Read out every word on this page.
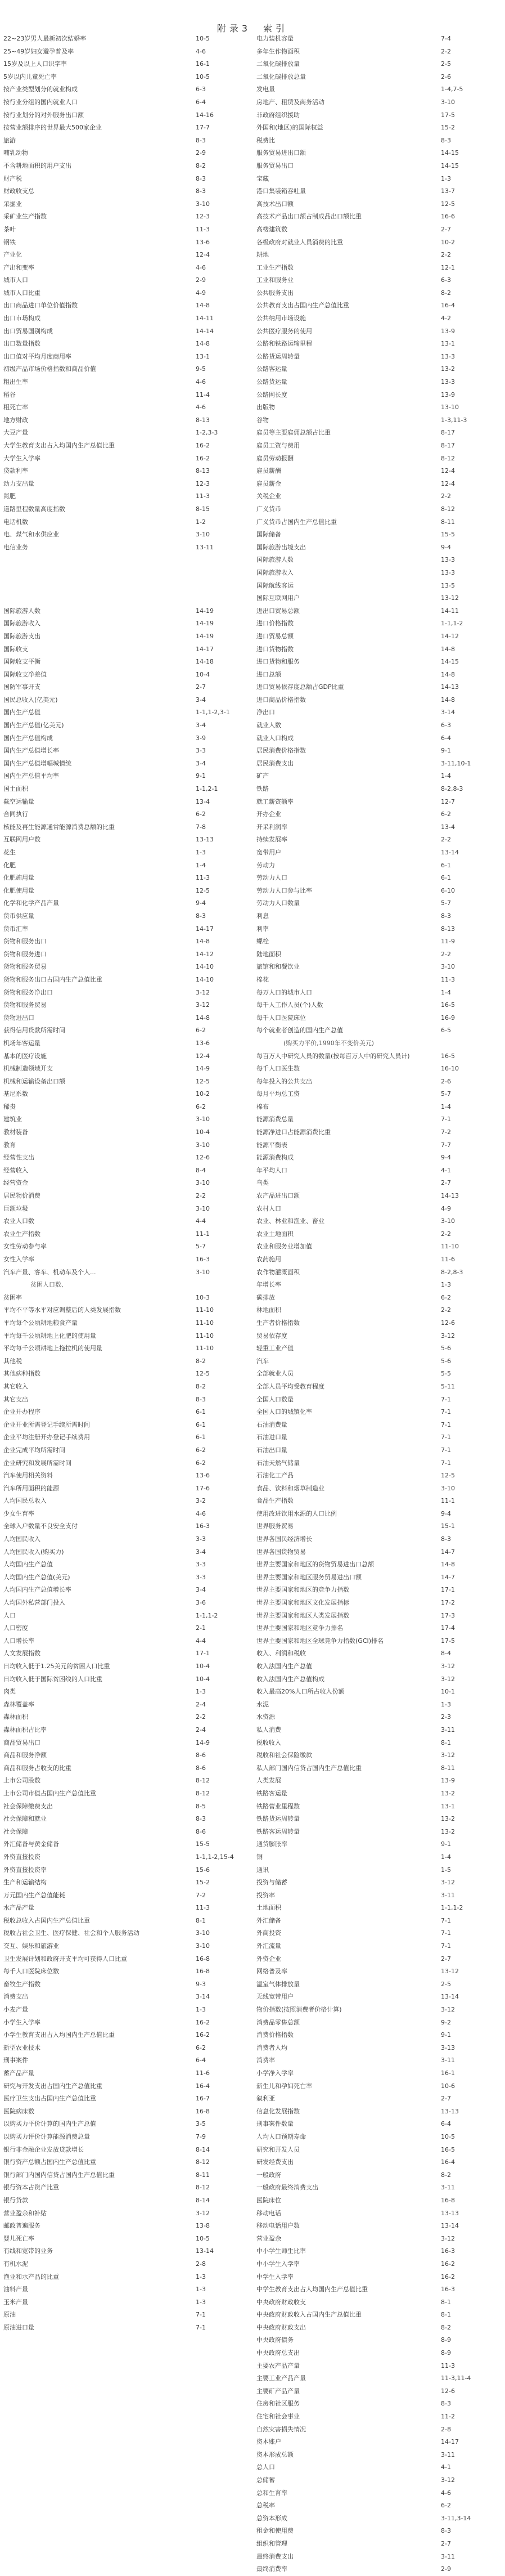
附录3　索引
22~23岁男人最新初次结婚率	10-5
25~49岁妇女避孕普及率	4-6
15岁及以上人口识字率	16-1
5岁以内儿童死亡率	10-5
按产业类型划分的就业构成	6-3
按行业分组的国内就业人口	6-4
按行业划分的对外服务出口额	14-16
按营业额排序的世界最大500家企业	17-7
旅游	8-3
哺乳动物	2-9
不含耕地面积的用户支出	8-2
财产税	8-3
财政收支总	8-3
采掘业	3-10
采矿业生产指数	12-3
茶叶	11-3
钢铁	13-6
产业化	12-4
产出和变率	4-6
城市人口	2-9
城市人口比重	4-9
出口商品进口单位价值指数	14-8
出口市场构成	14-11
出口贸易国别构成	14-14
出口数量指数	14-8
出口值对平均月度商用率	13-1
初级产品市场价格指数和商品价值	9-5
粗出生率	4-6
稻谷	11-4
粗死亡率	4-6
地方财政	8-13
大豆产量	1-2,3-3
大学生教育支出占入均国内生产总值比重	16-2
大学生入学率	16-2
贷款利率	8-13
动力支出量	12-3
氮肥	11-3
道路里程数量高度指数	8-15
电话机数	1-2
电、煤气和水供应业	3-10
电信业务	13-11
国际旅游人数	14-19
国际旅游收入	14-19
国际旅游支出	14-19
国际收支	14-17
国际收支平衡	14-18
国际收支净差值	10-4
国防军事开支	2-7
国民总收入(亿美元)	3-4
国内生产总值	1-1,1-2,3-1
国内生产总值(亿美元)	3-4
国内生产总值构成	3-9
国内生产总值增长率	3-3
国内生产总值增幅城情统	3-4
国内生产总值平均率	9-1
国土面积	1-1,2-1
截空运输量	13-4
合同执行	6-2
核能及再生能源通常能源消费总额的比重	7-8
互联网用户数	13-13
花生	1-3
化肥	1-4
化肥施用量	11-3
化肥使用量	12-5
化学和化学产品产量	9-4
货币供应量	8-3
货币汇率	14-17
货物和服务出口	14-8
货物和服务进口	14-12
货物和服务贸易	14-10
货物和服务出口占国内生产总值比重	14-10
货物和服务净出口	3-12
货物和服务贸易	3-12
货物进出口	14-8
获得信用贷款所需时间	6-2
机场年客运量	13-6
基本的医疗设施	12-4
机械制造领域开支	14-9
机械和运输设备出口额	12-5
基尼系数	10-2
稀贵	6-2
建筑业	3-10
教材装备	10-4
教育	3-10
经营性支出	12-6
经营收入	8-4
经营资金	3-10
居民物价消费	2-2
巨额垃圾	3-10
农业人口数	4-4
农业生产指数	11-1
女性劳动参与率	5-7
女性入学率	16-3
汽车产量、客车、机动车及个人...	3-10
贫困人口数、
贫困率	10-3
平均不平等水平对应调整后的人类发展指数	11-10
平均每个公顷耕地粮食产量	11-10
平均每千公顷耕地上化肥的使用量	11-10
平均每千公顷耕地上拖拉机的使用量	11-10
其他税	8-2
其他病种指数	12-5
其它收入	8-2
其它支出	8-3
企业开办程序	6-1
企业开业所需登记手续所需时间	6-1
企业平均注册开办登记手续费用	6-1
企业完成平均所需时间	6-2
企业研究和发展所需时间	6-2
汽车使用相关资料	13-6
汽车所用面积的能源	17-6
人均国民总收入	3-2
少女生育率	4-6
全球入户数量不良安全支付	16-3
人均国民收入	3-3
人均国民收入(购买力)	3-4
人均国内生产总值	3-3
人均国内生产总值(美元)	3-3
人均国内生产总值增长率	3-4
人均国外私营部门投入	3-6
人口	1-1,1-2
人口密度	2-1
人口增长率	4-4
人文发展指数	17-1
日均收入低于1.25美元的贫困人口比重	10-4
日均收入低于国际贫困线的人口比重	10-4
肉类	1-3
森林覆盖率	2-4
森林面积	2-2
森林面积占比率	2-4
商品贸易出口	14-9
商品和服务净额	8-6
商品和服务占收支的比重	8-6
上市公司股数	8-12
上市公司市值占国内生产总值比重	8-12
社会保障缴费支出	8-5
社会保障和就业	8-3
社会保障	8-6
外汇储备与黄金储备	15-5
外资直接投资	1-1,1-2,15-4
外资直接投资率	15-6
生产和运输结构	15-2
万元国内生产总值能耗	7-2
水产品产量	11-3
税收总收入占国内生产总值比重	8-1
税收占社会卫生、医疗保健、社会和个人服务活动	3-10
交互、娱乐和旅游业	3-10
卫生发展计划和政府开支平均可获得人口比重	16-8
每千人口医院床位数	16-8
畜牧生产指数	9-3
消费支出	3-14
小麦产量	1-3
小学生入学率	16-2
小学生教育支出占入均国内生产总值比重	16-2
新型农业技术	6-2
刑事案件	6-4
蓄产品产量	11-6
研究与开发支出占国内生产总值比重	16-4
医疗卫生支出占国内生产总值比重	16-7
医院病床数	16-8
以购买力平价计算的国内生产总值	3-5
以购买力评价计算能源消费总量	7-9
银行非金融企业发放贷款增长	8-14
银行资产总额占国内生产总值比重	8-12
银行部门内国内信贷占国内生产总值比重	8-11
银行资本占资产比重	8-12
银行贷款	8-14
营业盈余和补贴	3-12
邮政普遍服务	13-8
婴儿死亡率	10-5
有线和宽带的业务	13-14
有机水泥	2-8
渔业和水产品的比重	1-3
油料产量	1-3
玉米产量	1-3
原油	7-1
原油进口量	7-1
电力装机容量	7-4
多年生作物面积	2-2
二氧化碳排放量	2-5
二氧化碳排放总量	2-6
发电量	1-4,7-5
房地产、租赁及商务活动	3-10
非政府组织援助	17-5
外国和(地区)的国际权益	15-2
税费比	8-3
服务贸易进出口额	14-15
服务贸易出口	14-15
宝藏	1-3
港口集装箱吞吐量	13-7
高技术出口额	12-5
高技术产品出口额占制成品出口额比重	16-6
高楼建筑数	2-7
各级政府对就业人员消费的比重	10-2
耕地	2-2
工业生产指数	12-1
工业和服务业	6-3
公共服务支出	8-2
公共教育支出占国内生产总值比重	16-4
公共纳用市场设施	4-2
公共医疗服务的使用	13-9
公路和铁路运输里程	13-1
公路货运周转量	13-3
公路客运量	13-2
公路货运量	13-3
公路网长度	13-9
出版物	13-10
谷物	1-3,11-3
雇员等主要雇佣总额占比重	8-17
雇员工资与费用	8-17
雇员劳动报酬	8-12
雇员薪酬	12-4
雇员薪金	12-4
关税企业	2-2
广义货币	8-12
广义货币占国内生产总值比重	8-11
国际储备	15-5
国际旅游出境支出	9-4
国际旅游人数	13-3
国际旅游收入	13-3
国际航线客运	13-5
国际互联网用户	13-12
进出口贸易总额	14-11
进口价格指数	1-1,1-2
进口贸易总额	14-12
进口货物指数	14-8
进口货物和服务	14-15
进口总额	14-8
进口贸易依存度总额占GDP比重	14-13
进口商品价格指数	14-8
净出口	3-14
就业人数	6-3
就业人口构成	6-4
居民消费价格指数	9-1
居民消费支出	3-11,10-1
矿产	1-4
铁路	8-2,8-3
就工薪资额率	12-7
开办企业	6-2
开采利润率	13-4
持续发展率	2-2
宽带用户	13-14
劳动力	6-1
劳动力人口	6-1
劳动力人口参与比率	6-10
劳动力人口数量	5-7
利息	8-3
利率	8-13
螺栓	11-9
陆地面积	2-2
旅馆和和餐饮业	3-10
棉花	11-3
每万人口的城市人口	1-4
每千人工作人员(个)人数	16-5
每千人口医院床位	16-9
每个就业者创造的国内生产总值	6-5
(购买力平价,1990年不变价美元)
每百万人中研究人员的数量(按每百万人中的研究人员计)	16-5
每千人口医生数	16-10
每年投入的公共支出	2-6
每月平均总工资	5-7
棉布	1-4
能源消费总量	7-1
能源净进口占能源消费比重	7-2
能源平衡表	7-7
能源消费构成	9-4
年平均人口	4-1
乌类	2-7
农产品进出口额	14-13
农村人口	4-9
农业、林业和渔业、畜业	3-10
农业土地面积	2-2
农业和服务业增加值	11-10
农药施用	11-6
农作物灌溉面积	8-2,8-3
年增长率	1-3
碳排放	6-2
林地面积	2-2
生产者价格指数	12-6
贸易依存度	3-12
轻重工业产值	5-6
汽车	5-6
全部就业人员	5-5
全部人员平均受教育程度	5-11
全国人口数量	7-1
全国人口的城镇化率	7-1
石油消费量	7-1
石油进口量	7-1
石油出口量	7-1
石油天然气储量	7-1
石油化工产品	12-5
食品、饮料和烟草制造业	3-10
食品生产指数	11-1
使用改进饮用水源的人口比例	9-4
世界服务贸易	15-1
世界各国民经济增长	8-3
世界各国货物贸易	14-7
世界主要国家和地区的货物贸易进出口总额	14-8
世界主要国家和地区服务贸易进出口额	14-7
世界主要国家和地区的竞争力指数	17-1
世界主要国家和地区文化发展指标	17-2
世界主要国家和地区人类发展指数	17-3
世界主要国家和地区竞争力排名	17-4
世界主要国家和地区全球竞争力指数(GCI)排名	17-5
收入、利润和税收	8-4
收入法国内生产总值	3-12
收入法国内生产总值构成	3-12
收入最高20%人口所占收入份额	10-1
水泥	1-3
水资源	2-3
私人消费	3-11
税收收入	8-1
税收和社会保险缴款	3-12
私人部门国内信贷占国内生产总值比重	8-11
人类发展	13-9
铁路客运量	13-2
铁路营业里程数	13-1
铁路货运周转量	13-2
铁路客运周转量	13-2
通货膨胀率	9-1
铜	1-4
通讯	1-5
投资与储蓄	3-12
投资率	3-11
土地面积	1-1,1-2
外汇储备	7-1
外商投资	7-1
外汇流量	7-1
外资企业	2-7
网络普及率	13-12
温室气体排放量	2-5
无线宽带用户	13-14
物价指数(按照消费者价格计算)	3-12
消费品零售总额	9-2
消费价格指数	9-1
消费者人均	3-13
消费率	3-11
小学净入学率	16-1
新生儿和孕妇死亡率	10-6
叙利亚	2-7
信息化发展指数	13-13
刑事案件数量	6-4
人均人口预期寿命	10-5
研究和开发人员	16-5
研发经费支出	16-4
一般政府	8-2
一般政府最终消费支出	3-11
医院床位	16-8
移动电话	13-13
移动电话用户数	13-14
营业盈余	3-12
中小学生师生比率	16-3
中小学生入学率	16-2
中学生入学率	16-2
中学生教育支出占人均国内生产总值比重	16-3
中央政府财政收支	8-1
中央政府财政收入占国内生产总值比重	8-1
中央政府财政支出	8-2
中央政府债务	8-9
中央政府总支出	8-9
主要农产品产量	11-3
主要工业产品产量	11-3,11-4
主要矿产品产量	12-6
住房和社区服务	8-3
住宅和社会事业	11-2
自然灾害损失情况	2-8
资本账户	14-17
资本形成总额	3-11
总人口	4-1
总储蓄	3-12
总和生育率	4-6
总税率	6-2
总资本形成	3-11,3-14
租金和使用费	8-3
组织和管理	2-7
最终消费支出	3-11
最终消费率	2-9
